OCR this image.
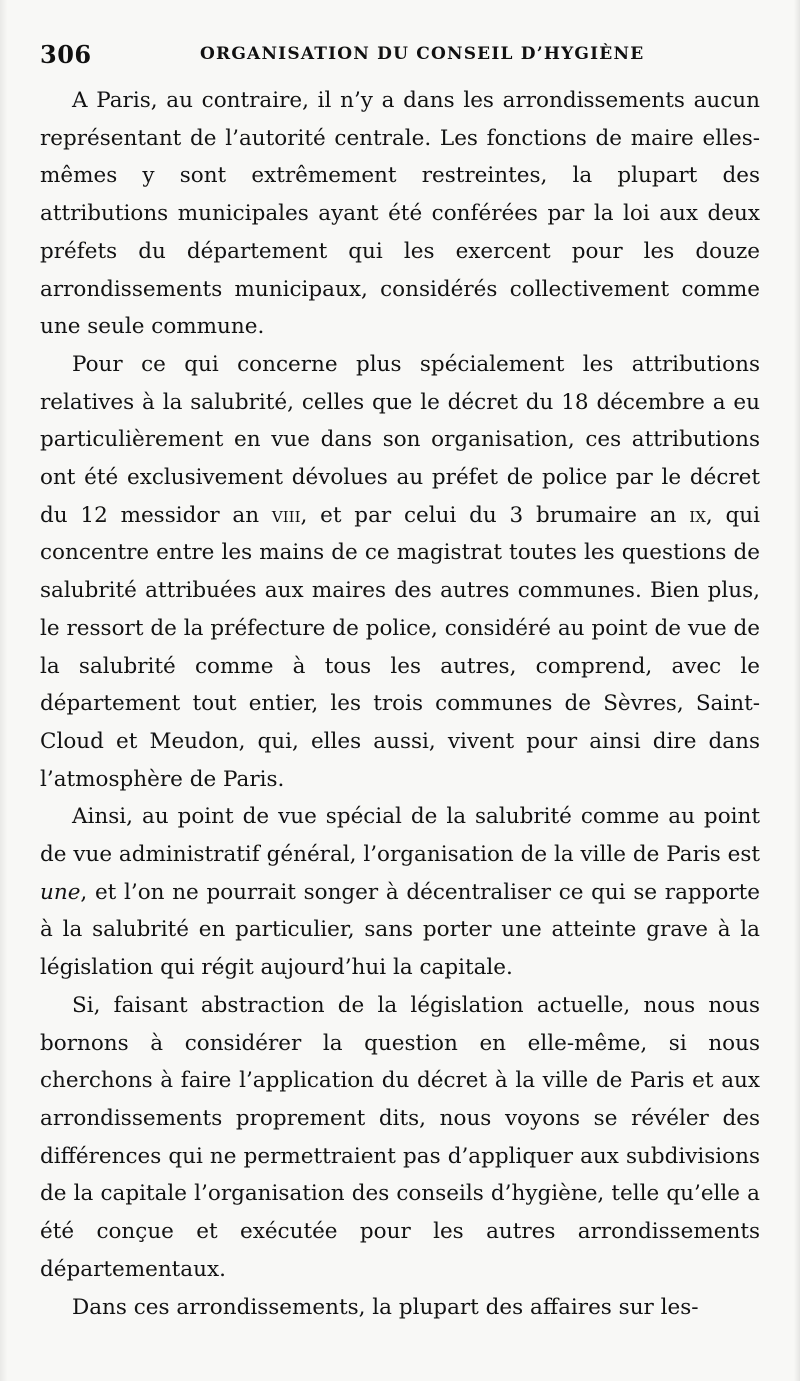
306	ORGANISATION DU CONSEIL D’HYGIÈNE

A Paris, au contraire, il n’y a dans les arrondissements aucun représentant de l’autorité centrale. Les fonctions de maire elles-mêmes y sont extrêmement restreintes, la plupart des attributions municipales ayant été conférées par la loi aux deux préfets du département qui les exercent pour les douze arrondissements municipaux, considérés collectivement comme une seule commune.

Pour ce qui concerne plus spécialement les attributions relatives à la salubrité, celles que le décret du 18 décembre a eu particulièrement en vue dans son organisation, ces attributions ont été exclusivement dévolues au préfet de police par le décret du 12 messidor an viii, et par celui du 3 brumaire an ix, qui concentre entre les mains de ce magistrat toutes les questions de salubrité attribuées aux maires des autres communes. Bien plus, le ressort de la préfecture de police, considéré au point de vue de la salubrité comme à tous les autres, comprend, avec le département tout entier, les trois communes de Sèvres, Saint-Cloud et Meudon, qui, elles aussi, vivent pour ainsi dire dans l’atmosphère de Paris.

Ainsi, au point de vue spécial de la salubrité comme au point de vue administratif général, l’organisation de la ville de Paris est une, et l’on ne pourrait songer à décentraliser ce qui se rapporte à la salubrité en particulier, sans porter une atteinte grave à la législation qui régit aujourd’hui la capitale.

Si, faisant abstraction de la législation actuelle, nous nous bornons à considérer la question en elle-même, si nous cherchons à faire l’application du décret à la ville de Paris et aux arrondissements proprement dits, nous voyons se révéler des différences qui ne permettraient pas d’appliquer aux subdivisions de la capitale l’organisation des conseils d’hygiène, telle qu’elle a été conçue et exécutée pour les autres arrondissements départementaux.

Dans ces arrondissements, la plupart des affaires sur les-
